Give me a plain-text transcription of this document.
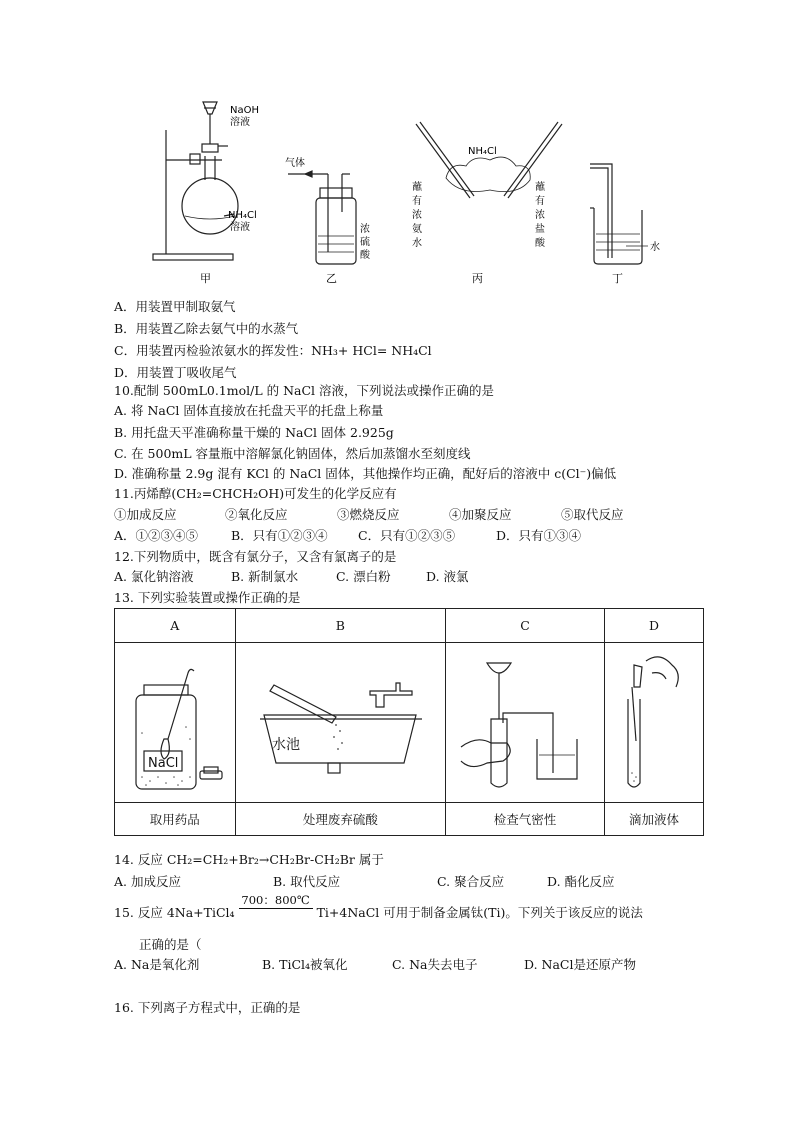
NaOH
溶液
NH₄Cl
溶液
甲
气体
浓
硫
酸
乙
NH₄Cl
蘸
有
浓
氨
水
蘸
有
浓
盐
酸
丙
水
丁
A．用装置甲制取氨气
B．用装置乙除去氨气中的水蒸气
C．用装置丙检验浓氨水的挥发性：NH₃+ HCl= NH₄Cl
D．用装置丁吸收尾气
10.配制 500mL0.1mol/L 的 NaCl 溶液，下列说法或操作正确的是
A. 将 NaCl 固体直接放在托盘天平的托盘上称量
B. 用托盘天平准确称量干燥的 NaCl 固体 2.925g
C. 在 500mL 容量瓶中溶解氯化钠固体，然后加蒸馏水至刻度线
D. 准确称量 2.9g 混有 KCl 的 NaCl 固体，其他操作均正确，配好后的溶液中 c(Cl⁻)偏低
11.丙烯醇(CH₂=CHCH₂OH)可发生的化学反应有
①加成反应	②氧化反应	③燃烧反应	④加聚反应	⑤取代反应
A．①②③④⑤	B．只有①②③④ C．只有①②③⑤	D．只有①③④
12.下列物质中，既含有氯分子，又含有氯离子的是
A. 氯化钠溶液	B. 新制氯水	C. 漂白粉	D. 液氯
13. 下列实验装置或操作正确的是
A	B	C	D

NaCl	水池

取用药品	处理废弃硫酸	检查气密性	滴加液体
14. 反应 CH₂=CH₂+Br₂→CH₂Br-CH₂Br 属于
A. 加成反应	B. 取代反应	C. 聚合反应	D. 酯化反应
15. 反应 4Na+TiCl₄
700：800℃
Ti+4NaCl 可用于制备金属钛(Ti)。下列关于该反应的说法
正确的是（
A. Na是氧化剂	B. TiCl₄被氧化	C. Na失去电子	D. NaCl是还原产物
16. 下列离子方程式中，正确的是
